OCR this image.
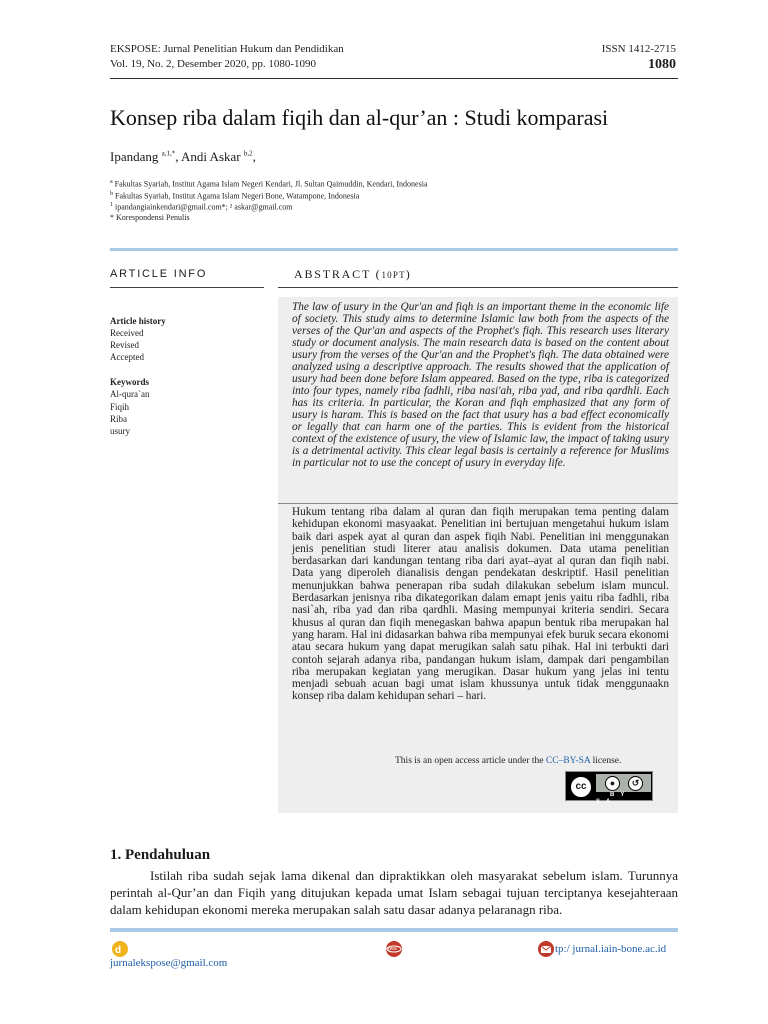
EKSPOSE: Jurnal Penelitian Hukum dan Pendidikan
Vol. 19, No. 2, Desember 2020, pp. 1080-1090
ISSN 1412-2715
1080
Konsep riba dalam fiqih dan al-qur’an : Studi komparasi
Ipandang $^{a,1,*}$, Andi Askar $^{b,2}$,
$^a$ Fakultas Syariah, Institut Agama Islam Negeri Kendari, Jl. Sultan Qaimuddin, Kendari, Indonesia
$^b$ Fakultas Syariah, Institut Agama Islam Negeri Bone, Watampone, Indonesia
$^1$ ipandangiainkendari@gmail.com*; ² askar@gmail.com
* Korespondensi Penulis
ARTICLE INFO	ABSTRACT (10PT)
Article history
Received
Revised
Accepted
Keywords
Al-qura`an
Fiqih
Riba
usury
The law of usury in the Qur'an and fiqh is an important theme in the economic life of society. This study aims to determine Islamic law both from the aspects of the verses of the Qur'an and aspects of the Prophet's fiqh. This research uses literary study or document analysis. The main research data is based on the content about usury from the verses of the Qur'an and the Prophet's fiqh. The data obtained were analyzed using a descriptive approach. The results showed that the application of usury had been done before Islam appeared. Based on the type, riba is categorized into four types, namely riba fadhli, riba nasi'ah, riba yad, and riba qardhli. Each has its criteria. In particular, the Koran and fiqh emphasized that any form of usury is haram. This is based on the fact that usury has a bad effect economically or legally that can harm one of the parties. This is evident from the historical context of the existence of usury, the view of Islamic law, the impact of taking usury is a detrimental activity. This clear legal basis is certainly a reference for Muslims in particular not to use the concept of usury in everyday life.
Hukum tentang riba dalam al quran dan fiqih merupakan tema penting dalam kehidupan ekonomi masyaakat. Penelitian ini bertujuan mengetahui hukum islam baik dari aspek ayat al quran dan aspek fiqih Nabi. Penelitian ini menggunakan jenis penelitian studi literer atau analisis dokumen. Data utama penelitian berdasarkan dari kandungan tentang riba dari ayat–ayat al quran dan fiqih nabi. Data yang diperoleh dianalisis dengan pendekatan deskriptif. Hasil penelitian menunjukkan bahwa penerapan riba sudah dilakukan sebelum islam muncul. Berdasarkan jenisnya riba dikategorikan dalam emapt jenis yaitu riba fadhli, riba nasi`ah, riba yad dan riba qardhli. Masing mempunyai kriteria sendiri. Secara khusus al quran dan fiqih menegaskan bahwa apapun bentuk riba merupakan hal yang haram. Hal ini didasarkan bahwa riba mempunyai efek buruk secara ekonomi atau secara hukum yang dapat merugikan salah satu pihak. Hal ini terbukti dari contoh sejarah adanya riba, pandangan hukum islam, dampak dari pengambilan riba merupakan kegiatan yang merugikan. Dasar hukum yang jelas ini tentu menjadi sebuah acuan bagi umat islam khussunya untuk tidak menggunaakn konsep riba dalam kehidupan sehari – hari.
This is an open access article under the CC–BY-SA license.
cc	●	↺
BY SA
1. Pendahuluan
Istilah riba sudah sejak lama dikenal dan dipraktikkan oleh masyarakat sebelum islam. Turunnya perintah al-Qur’an dan Fiqih yang ditujukan kepada umat Islam sebagai tujuan terciptanya kesejahteraan dalam kehidupan ekonomi mereka merupakan salah satu dasar adanya pelaranagn riba.
d
jurnalekspose@gmail.com
www	tp:/ jurnal.iain-bone.ac.id
